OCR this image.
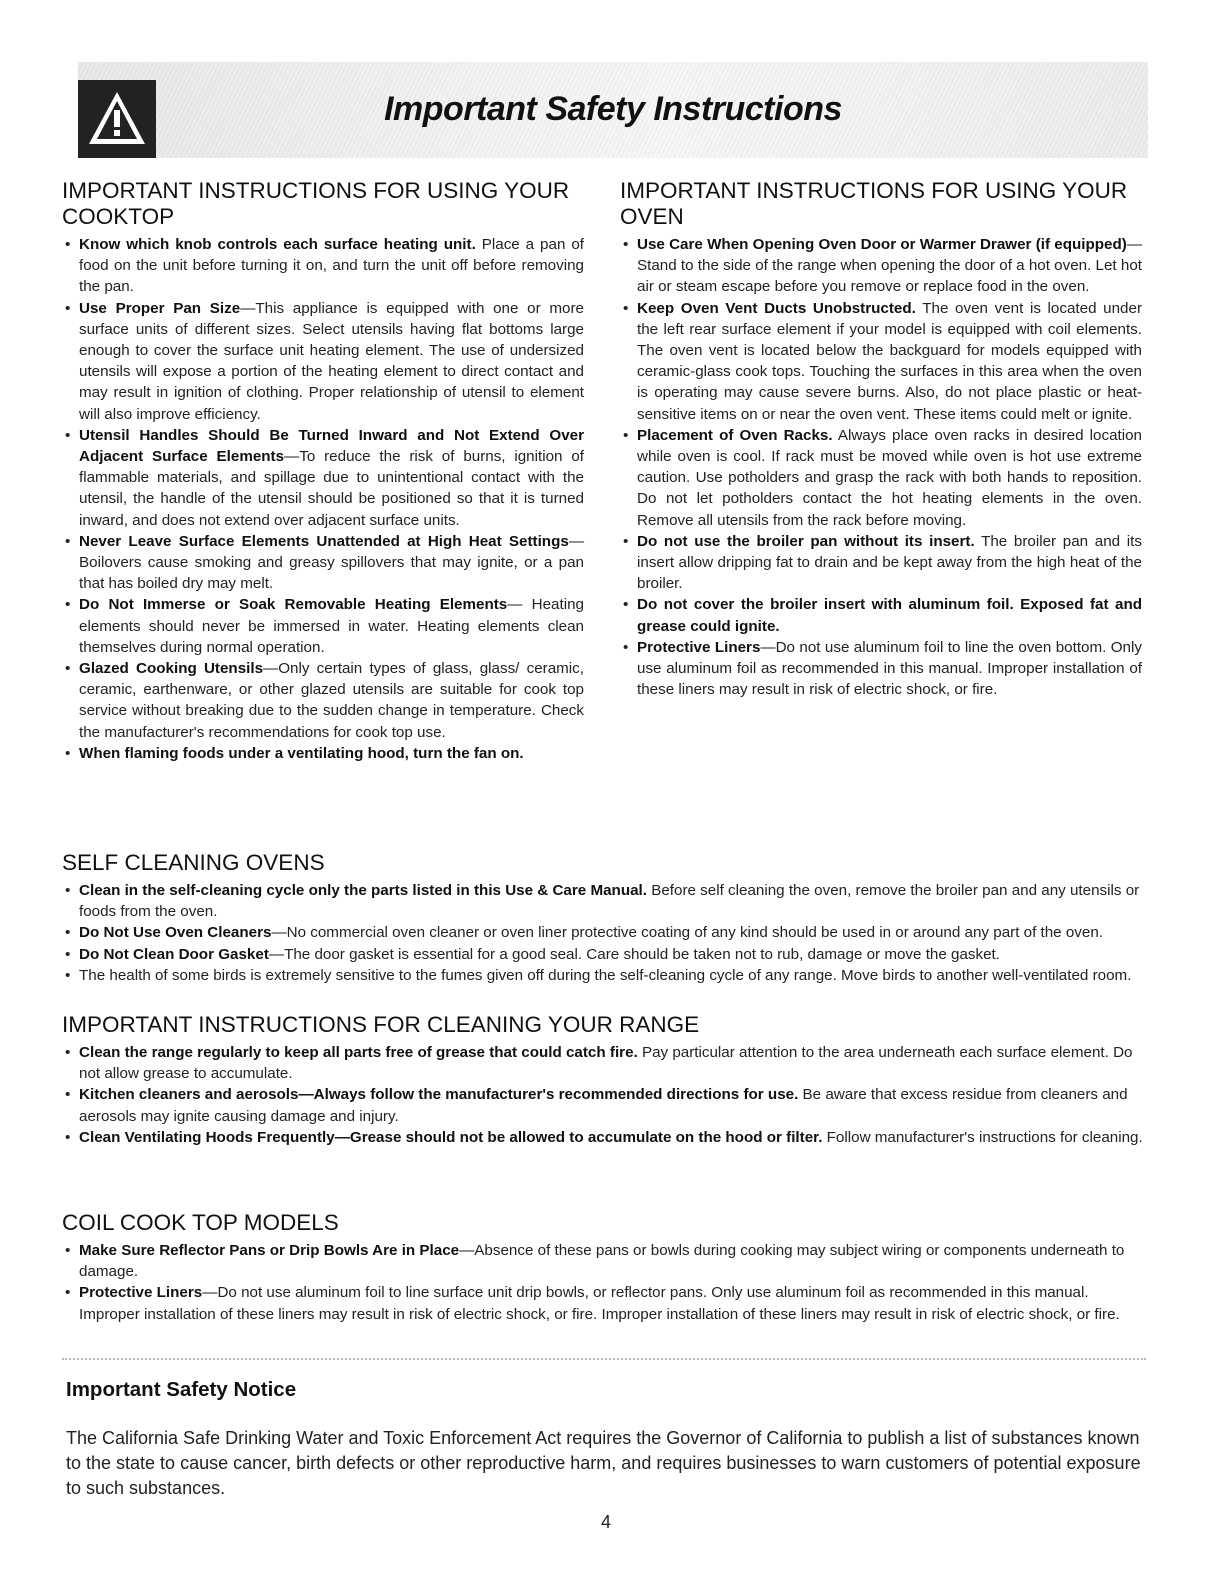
Important Safety Instructions
IMPORTANT INSTRUCTIONS FOR USING YOUR COOKTOP
• Know which knob controls each surface heating unit. Place a pan of food on the unit before turning it on, and turn the unit off before removing the pan.
• Use Proper Pan Size—This appliance is equipped with one or more surface units of different sizes. Select utensils having flat bottoms large enough to cover the surface unit heating element. The use of undersized utensils will expose a portion of the heating element to direct contact and may result in ignition of clothing. Proper relationship of utensil to element will also improve efficiency.
• Utensil Handles Should Be Turned Inward and Not Extend Over Adjacent Surface Elements—To reduce the risk of burns, ignition of flammable materials, and spillage due to unintentional contact with the utensil, the handle of the utensil should be positioned so that it is turned inward, and does not extend over adjacent surface units.
• Never Leave Surface Elements Unattended at High Heat Settings—Boilovers cause smoking and greasy spillovers that may ignite, or a pan that has boiled dry may melt.
• Do Not Immerse or Soak Removable Heating Elements— Heating elements should never be immersed in water. Heating elements clean themselves during normal operation.
• Glazed Cooking Utensils—Only certain types of glass, glass/ ceramic, ceramic, earthenware, or other glazed utensils are suitable for cook top service without breaking due to the sudden change in temperature. Check the manufacturer's recommendations for cook top use.
• When flaming foods under a ventilating hood, turn the fan on.
IMPORTANT INSTRUCTIONS FOR USING YOUR OVEN
• Use Care When Opening Oven Door or Warmer Drawer (if equipped)—Stand to the side of the range when opening the door of a hot oven. Let hot air or steam escape before you remove or replace food in the oven.
• Keep Oven Vent Ducts Unobstructed. The oven vent is located under the left rear surface element if your model is equipped with coil elements. The oven vent is located below the backguard for models equipped with ceramic-glass cook tops. Touching the surfaces in this area when the oven is operating may cause severe burns. Also, do not place plastic or heat-sensitive items on or near the oven vent. These items could melt or ignite.
• Placement of Oven Racks. Always place oven racks in desired location while oven is cool. If rack must be moved while oven is hot use extreme caution. Use potholders and grasp the rack with both hands to reposition. Do not let potholders contact the hot heating elements in the oven. Remove all utensils from the rack before moving.
• Do not use the broiler pan without its insert. The broiler pan and its insert allow dripping fat to drain and be kept away from the high heat of the broiler.
• Do not cover the broiler insert with aluminum foil. Exposed fat and grease could ignite.
• Protective Liners—Do not use aluminum foil to line the oven bottom. Only use aluminum foil as recommended in this manual. Improper installation of these liners may result in risk of electric shock, or fire.
SELF CLEANING OVENS
• Clean in the self-cleaning cycle only the parts listed in this Use & Care Manual. Before self cleaning the oven, remove the broiler pan and any utensils or foods from the oven.
• Do Not Use Oven Cleaners—No commercial oven cleaner or oven liner protective coating of any kind should be used in or around any part of the oven.
• Do Not Clean Door Gasket—The door gasket is essential for a good seal. Care should be taken not to rub, damage or move the gasket.
• The health of some birds is extremely sensitive to the fumes given off during the self-cleaning cycle of any range. Move birds to another well-ventilated room.
IMPORTANT INSTRUCTIONS FOR CLEANING YOUR RANGE
• Clean the range regularly to keep all parts free of grease that could catch fire. Pay particular attention to the area underneath each surface element. Do not allow grease to accumulate.
• Kitchen cleaners and aerosols—Always follow the manufacturer's recommended directions for use. Be aware that excess residue from cleaners and aerosols may ignite causing damage and injury.
• Clean Ventilating Hoods Frequently—Grease should not be allowed to accumulate on the hood or filter. Follow manufacturer's instructions for cleaning.
COIL COOK TOP MODELS
• Make Sure Reflector Pans or Drip Bowls Are in Place—Absence of these pans or bowls during cooking may subject wiring or components underneath to damage.
• Protective Liners—Do not use aluminum foil to line surface unit drip bowls, or reflector pans. Only use aluminum foil as recommended in this manual. Improper installation of these liners may result in risk of electric shock, or fire. Improper installation of these liners may result in risk of electric shock, or fire.
Important Safety Notice

The California Safe Drinking Water and Toxic Enforcement Act requires the Governor of California to publish a list of substances known to the state to cause cancer, birth defects or other reproductive harm, and requires businesses to warn customers of potential exposure to such substances.

4
